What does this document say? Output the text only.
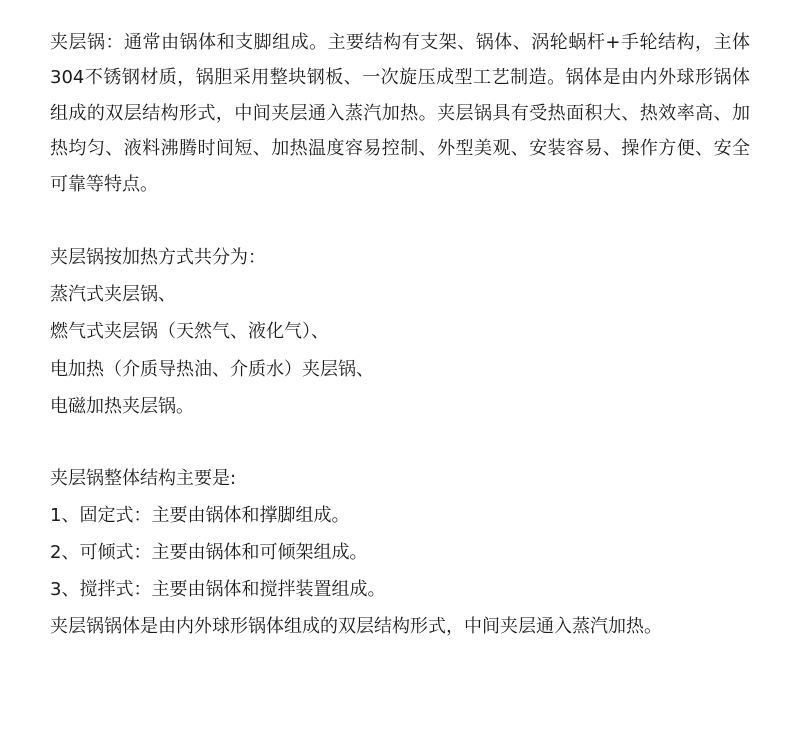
夹层锅：通常由锅体和支脚组成。主要结构有支架、锅体、涡轮蜗杆+手轮结构，主体304不锈钢材质，锅胆采用整块钢板、一次旋压成型工艺制造。锅体是由内外球形锅体组成的双层结构形式，中间夹层通入蒸汽加热。夹层锅具有受热面积大、热效率高、加热均匀、液料沸腾时间短、加热温度容易控制、外型美观、安装容易、操作方便、安全可靠等特点。

夹层锅按加热方式共分为：
蒸汽式夹层锅、
燃气式夹层锅（天然气、液化气）、
电加热（介质导热油、介质水）夹层锅、
电磁加热夹层锅。
夹层锅整体结构主要是:
1、固定式：主要由锅体和撑脚组成。
2、可倾式：主要由锅体和可倾架组成。
3、搅拌式：主要由锅体和搅拌装置组成。
夹层锅锅体是由内外球形锅体组成的双层结构形式，中间夹层通入蒸汽加热。
